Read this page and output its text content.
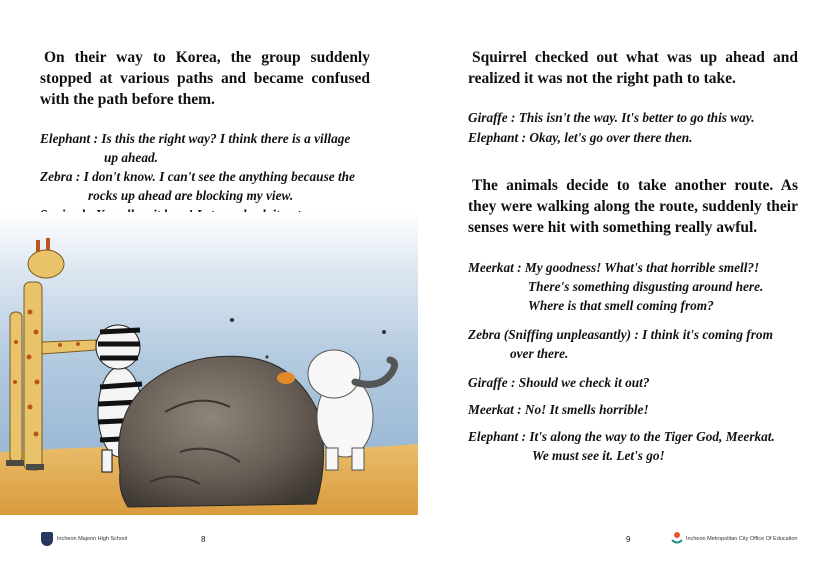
On their way to Korea, the group suddenly stopped at various paths and became confused with the path before them.

Elephant : Is this the right way? I think there is a village
up ahead.
Zebra : I don't know. I can't see the anything because the
rocks up ahead are blocking my view.
Incheon Majeon High School	8

Squirrel checked out what was up ahead and realized it was not the right path to take.

Giraffe : This isn't the way. It's better to go this way.
Elephant : Okay, let's go over there then.

The animals decide to take another route. As they were walking along the route, suddenly their senses were hit with something really awful.

Meerkat : My goodness! What's that horrible smell?!
There's something disgusting around here.
Where is that smell coming from?
Zebra (Sniffing unpleasantly) : I think it's coming from
over there.
Giraffe : Should we check it out?
Meerkat : No! It smells horrible!
Elephant : It's along the way to the Tiger God, Meerkat.
We must see it. Let's go!
9	Incheon Metropolitan City Office Of Education
